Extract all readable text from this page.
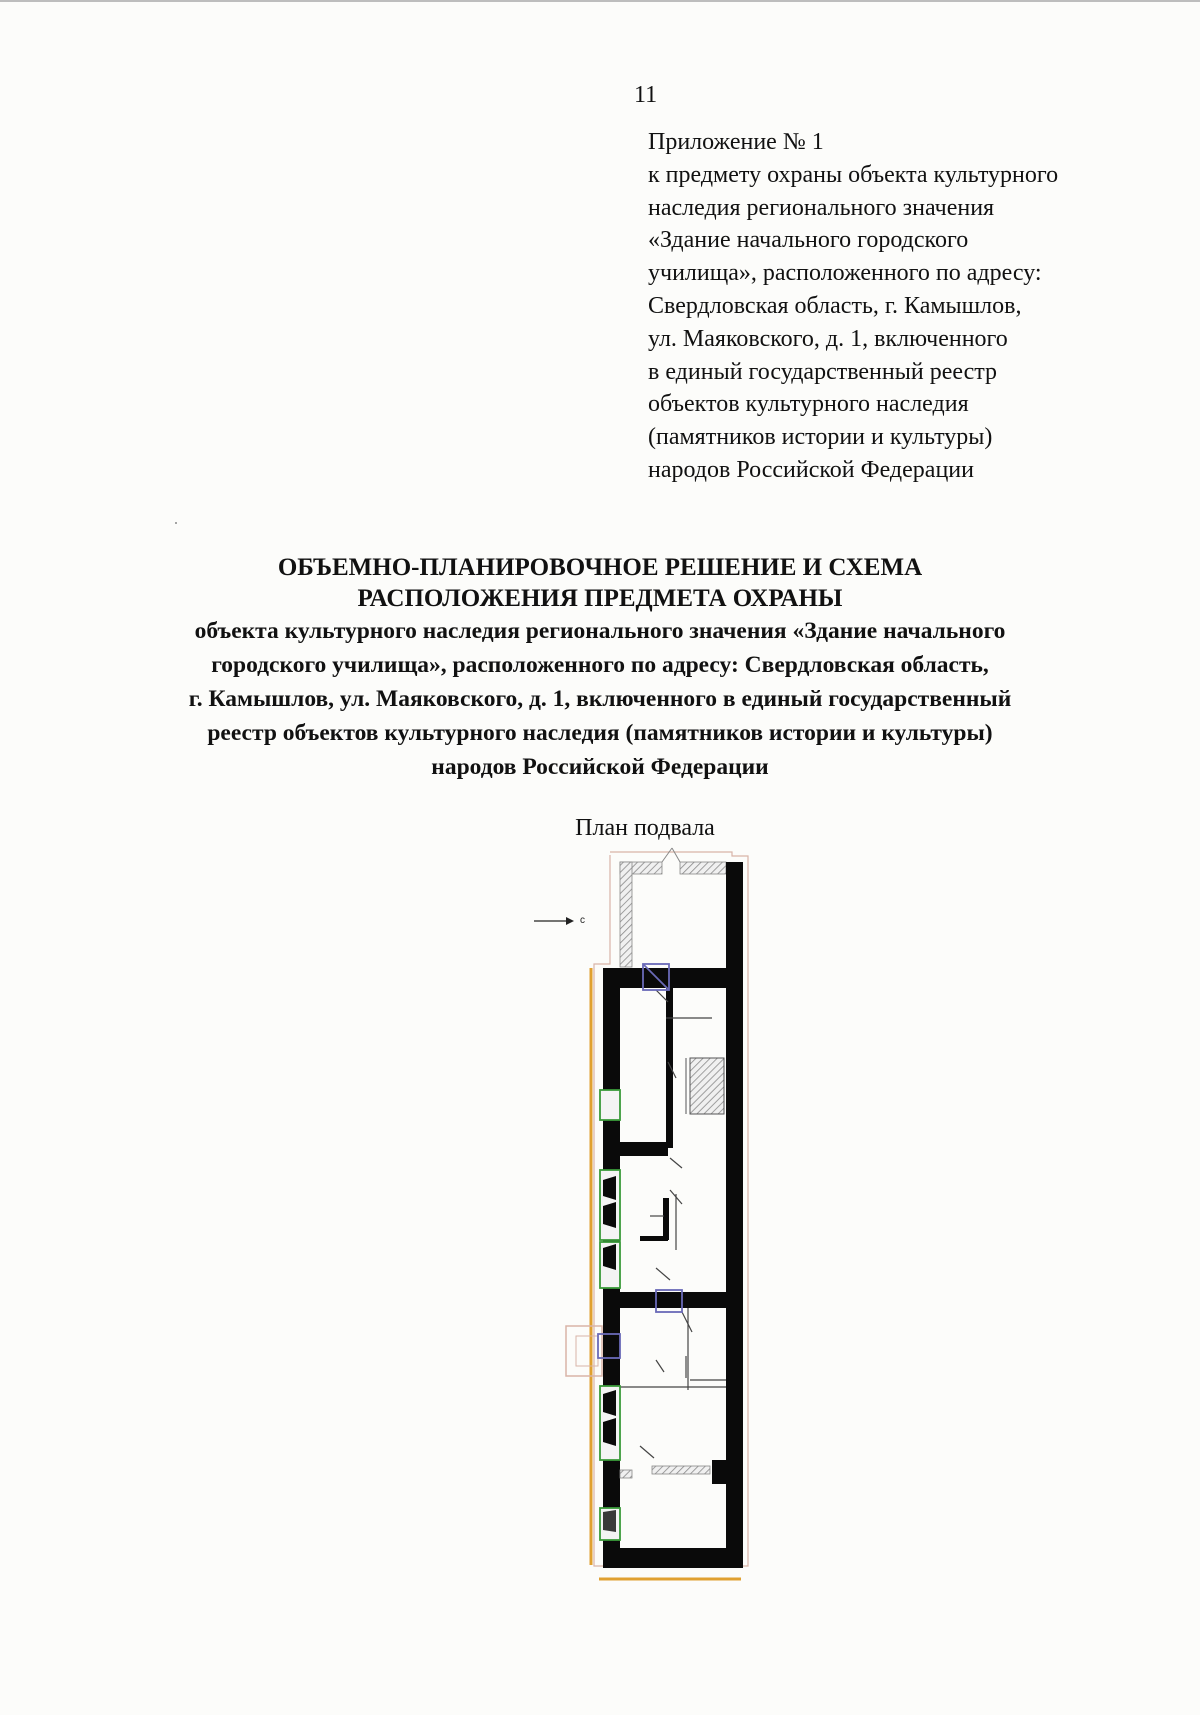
11
Приложение № 1
к предмету охраны объекта культурного
наследия регионального значения
«Здание начального городского
училища», расположенного по адресу:
Свердловская область, г. Камышлов,
ул. Маяковского, д. 1, включенного
в единый государственный реестр
объектов культурного наследия
(памятников истории и культуры)
народов Российской Федерации
ОБЪЕМНО-ПЛАНИРОВОЧНОЕ РЕШЕНИЕ И СХЕМА
РАСПОЛОЖЕНИЯ ПРЕДМЕТА ОХРАНЫ
объекта культурного наследия регионального значения «Здание начального
городского училища», расположенного по адресу: Свердловская область,
г. Камышлов, ул. Маяковского, д. 1, включенного в единый государственный
реестр объектов культурного наследия (памятников истории и культуры)
народов Российской Федерации
План подвала
с
